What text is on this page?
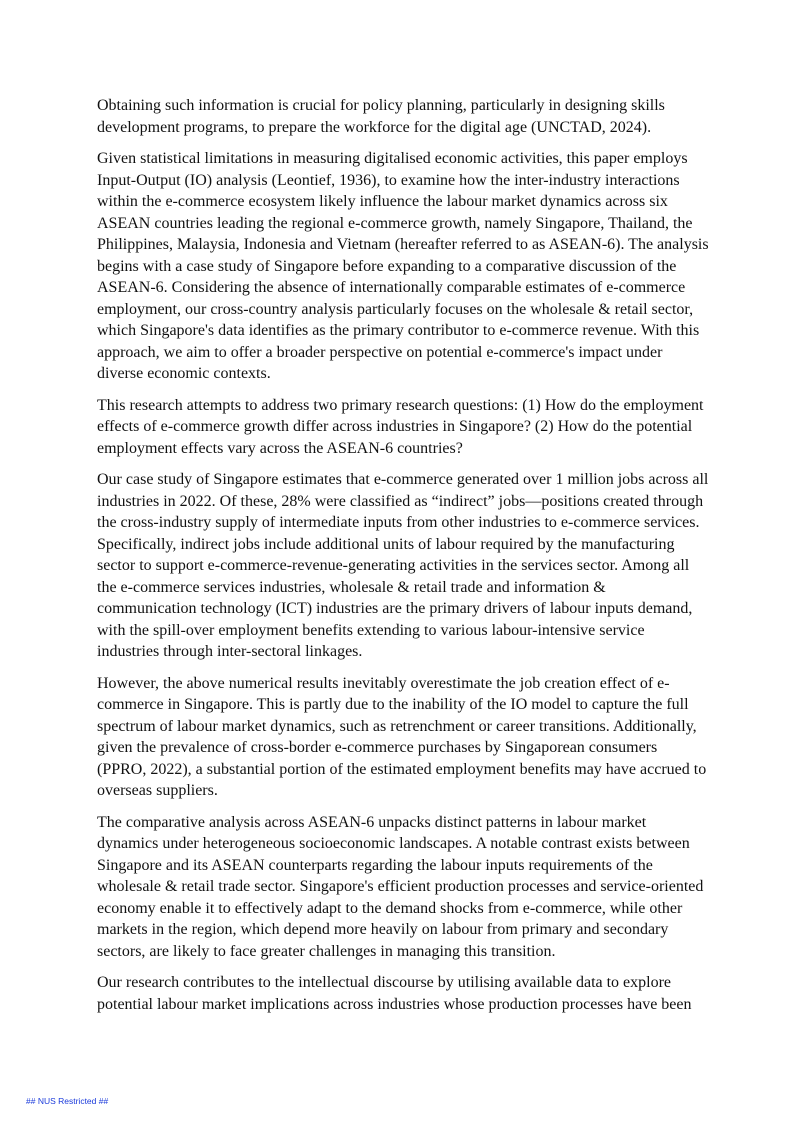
Obtaining such information is crucial for policy planning, particularly in designing skills development programs, to prepare the workforce for the digital age (UNCTAD, 2024).

Given statistical limitations in measuring digitalised economic activities, this paper employs Input-Output (IO) analysis (Leontief, 1936), to examine how the inter-industry interactions within the e-commerce ecosystem likely influence the labour market dynamics across six ASEAN countries leading the regional e-commerce growth, namely Singapore, Thailand, the Philippines, Malaysia, Indonesia and Vietnam (hereafter referred to as ASEAN-6). The analysis begins with a case study of Singapore before expanding to a comparative discussion of the ASEAN-6. Considering the absence of internationally comparable estimates of e-commerce employment, our cross-country analysis particularly focuses on the wholesale & retail sector, which Singapore's data identifies as the primary contributor to e-commerce revenue. With this approach, we aim to offer a broader perspective on potential e-commerce's impact under diverse economic contexts.

This research attempts to address two primary research questions: (1) How do the employment effects of e-commerce growth differ across industries in Singapore? (2) How do the potential employment effects vary across the ASEAN-6 countries?

Our case study of Singapore estimates that e-commerce generated over 1 million jobs across all industries in 2022. Of these, 28% were classified as “indirect” jobs—positions created through the cross-industry supply of intermediate inputs from other industries to e-commerce services. Specifically, indirect jobs include additional units of labour required by the manufacturing sector to support e-commerce-revenue-generating activities in the services sector. Among all the e-commerce services industries, wholesale & retail trade and information & communication technology (ICT) industries are the primary drivers of labour inputs demand, with the spill-over employment benefits extending to various labour-intensive service industries through inter-sectoral linkages.

However, the above numerical results inevitably overestimate the job creation effect of e-commerce in Singapore. This is partly due to the inability of the IO model to capture the full spectrum of labour market dynamics, such as retrenchment or career transitions. Additionally, given the prevalence of cross-border e-commerce purchases by Singaporean consumers (PPRO, 2022), a substantial portion of the estimated employment benefits may have accrued to overseas suppliers.

The comparative analysis across ASEAN-6 unpacks distinct patterns in labour market dynamics under heterogeneous socioeconomic landscapes. A notable contrast exists between Singapore and its ASEAN counterparts regarding the labour inputs requirements of the wholesale & retail trade sector. Singapore's efficient production processes and service-oriented economy enable it to effectively adapt to the demand shocks from e-commerce, while other markets in the region, which depend more heavily on labour from primary and secondary sectors, are likely to face greater challenges in managing this transition.

Our research contributes to the intellectual discourse by utilising available data to explore potential labour market implications across industries whose production processes have been

## NUS Restricted ##
